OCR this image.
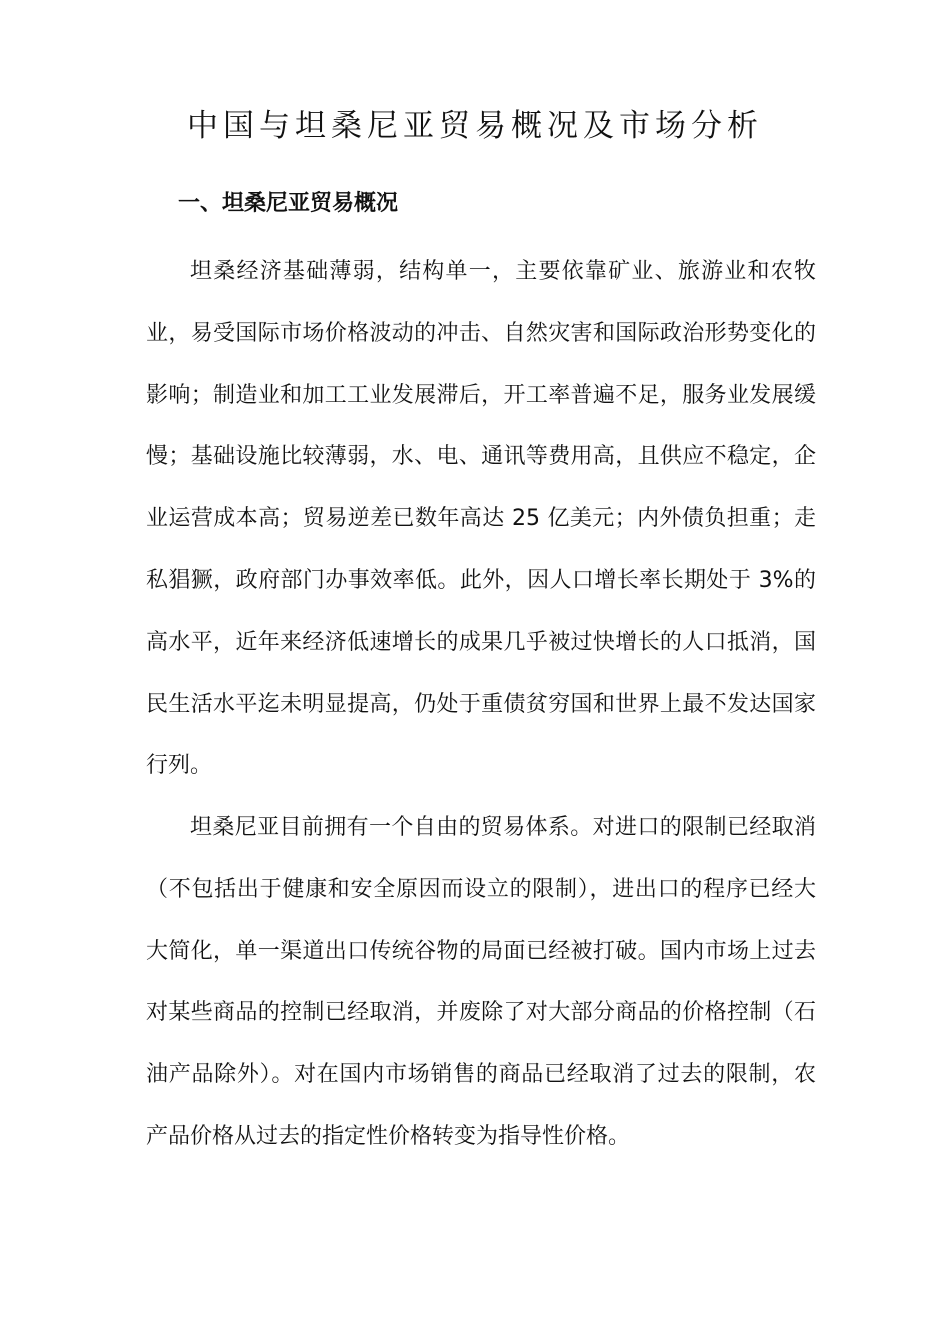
中国与坦桑尼亚贸易概况及市场分析
一、坦桑尼亚贸易概况

坦桑经济基础薄弱，结构单一，主要依靠矿业、旅游业和农牧业，易受国际市场价格波动的冲击、自然灾害和国际政治形势变化的影响；制造业和加工工业发展滞后，开工率普遍不足，服务业发展缓慢；基础设施比较薄弱，水、电、通讯等费用高，且供应不稳定，企业运营成本高；贸易逆差已数年高达 25 亿美元；内外债负担重；走私猖獗，政府部门办事效率低。此外，因人口增长率长期处于 3%的高水平，近年来经济低速增长的成果几乎被过快增长的人口抵消，国民生活水平迄未明显提高，仍处于重债贫穷国和世界上最不发达国家行列。

坦桑尼亚目前拥有一个自由的贸易体系。对进口的限制已经取消（不包括出于健康和安全原因而设立的限制），进出口的程序已经大大简化，单一渠道出口传统谷物的局面已经被打破。国内市场上过去对某些商品的控制已经取消，并废除了对大部分商品的价格控制（石油产品除外）。对在国内市场销售的商品已经取消了过去的限制，农产品价格从过去的指定性价格转变为指导性价格。
